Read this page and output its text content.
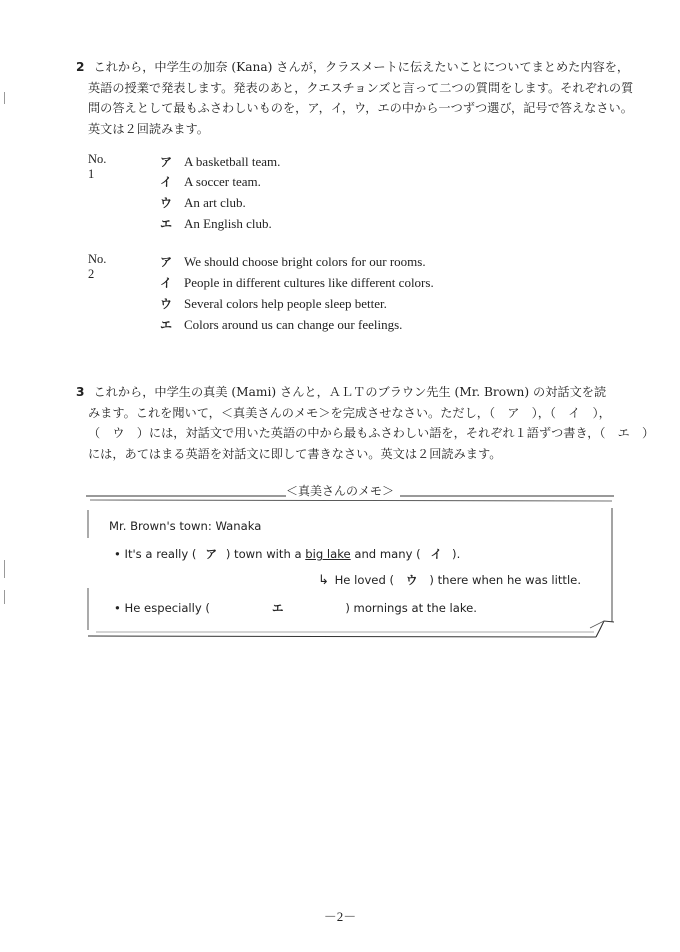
2 これから，中学生の加奈 (Kana) さんが，クラスメートに伝えたいことについてまとめた内容を，
英語の授業で発表します。発表のあと，クエスチョンズと言って二つの質問をします。それぞれの質
問の答えとして最もふさわしいものを，ア，イ，ウ，エの中から一つずつ選び，記号で答えなさい。
英文は２回読みます。
No. 1
ア A basketball team.
イ A soccer team.
ウ An art club.
エ An English club.
No. 2
ア We should choose bright colors for our rooms.
イ People in different cultures like different colors.
ウ Several colors help people sleep better.
エ Colors around us can change our feelings.
3 これから，中学生の真美 (Mami) さんと，ＡＬＴのブラウン先生 (Mr. Brown) の対話文を読
みます。これを聞いて，＜真美さんのメモ＞を完成させなさい。ただし，（　ア　），（　イ　），
（　ウ　）には，対話文で用いた英語の中から最もふさわしい語を，それぞれ１語ずつ書き，（　エ　）
には，あてはまる英語を対話文に即して書きなさい。英文は２回読みます。
＜真美さんのメモ＞
Mr. Brown's town: Wanaka
• It's a really ( ア ) town with a big lake and many ( イ ).
↳ He loved ( ウ ) there when he was little.
• He especially (	エ	) mornings at the lake.
－2－
